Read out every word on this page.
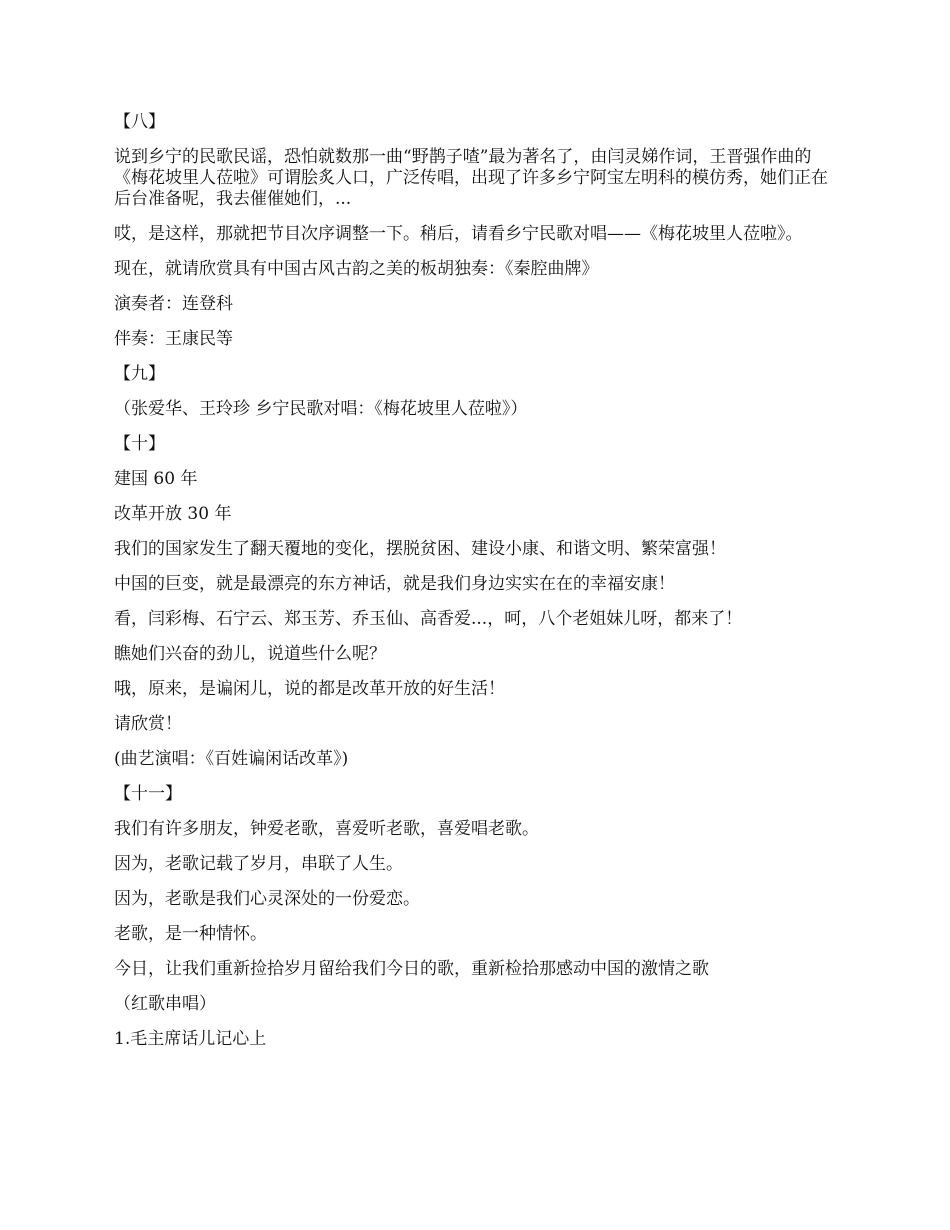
【八】

说到乡宁的民歌民谣，恐怕就数那一曲“野鹊子喳”最为著名了，由闫灵娣作词，王晋强作曲的《梅花坡里人莅啦》可谓脍炙人口，广泛传唱，出现了许多乡宁阿宝左明科的模仿秀，她们正在后台准备呢，我去催催她们，...

哎，是这样，那就把节目次序调整一下。稍后，请看乡宁民歌对唱——《梅花坡里人莅啦》。

现在，就请欣赏具有中国古风古韵之美的板胡独奏：《秦腔曲牌》

演奏者：连登科

伴奏：王康民等

【九】

（张爱华、王玲珍 乡宁民歌对唱：《梅花坡里人莅啦》）

【十】

建国 60 年

改革开放 30 年

我们的国家发生了翻天覆地的变化，摆脱贫困、建设小康、和谐文明、繁荣富强！

中国的巨变，就是最漂亮的东方神话，就是我们身边实实在在的幸福安康！

看，闫彩梅、石宁云、郑玉芳、乔玉仙、高香爱...，呵，八个老姐妹儿呀，都来了！

瞧她们兴奋的劲儿，说道些什么呢？

哦，原来，是谝闲儿，说的都是改革开放的好生活！

请欣赏！

(曲艺演唱：《百姓谝闲话改革》)

【十一】

我们有许多朋友，钟爱老歌，喜爱听老歌，喜爱唱老歌。

因为，老歌记载了岁月，串联了人生。

因为，老歌是我们心灵深处的一份爱恋。

老歌，是一种情怀。

今日，让我们重新捡拾岁月留给我们今日的歌，重新检拾那感动中国的激情之歌

（红歌串唱）

1.毛主席话儿记心上
